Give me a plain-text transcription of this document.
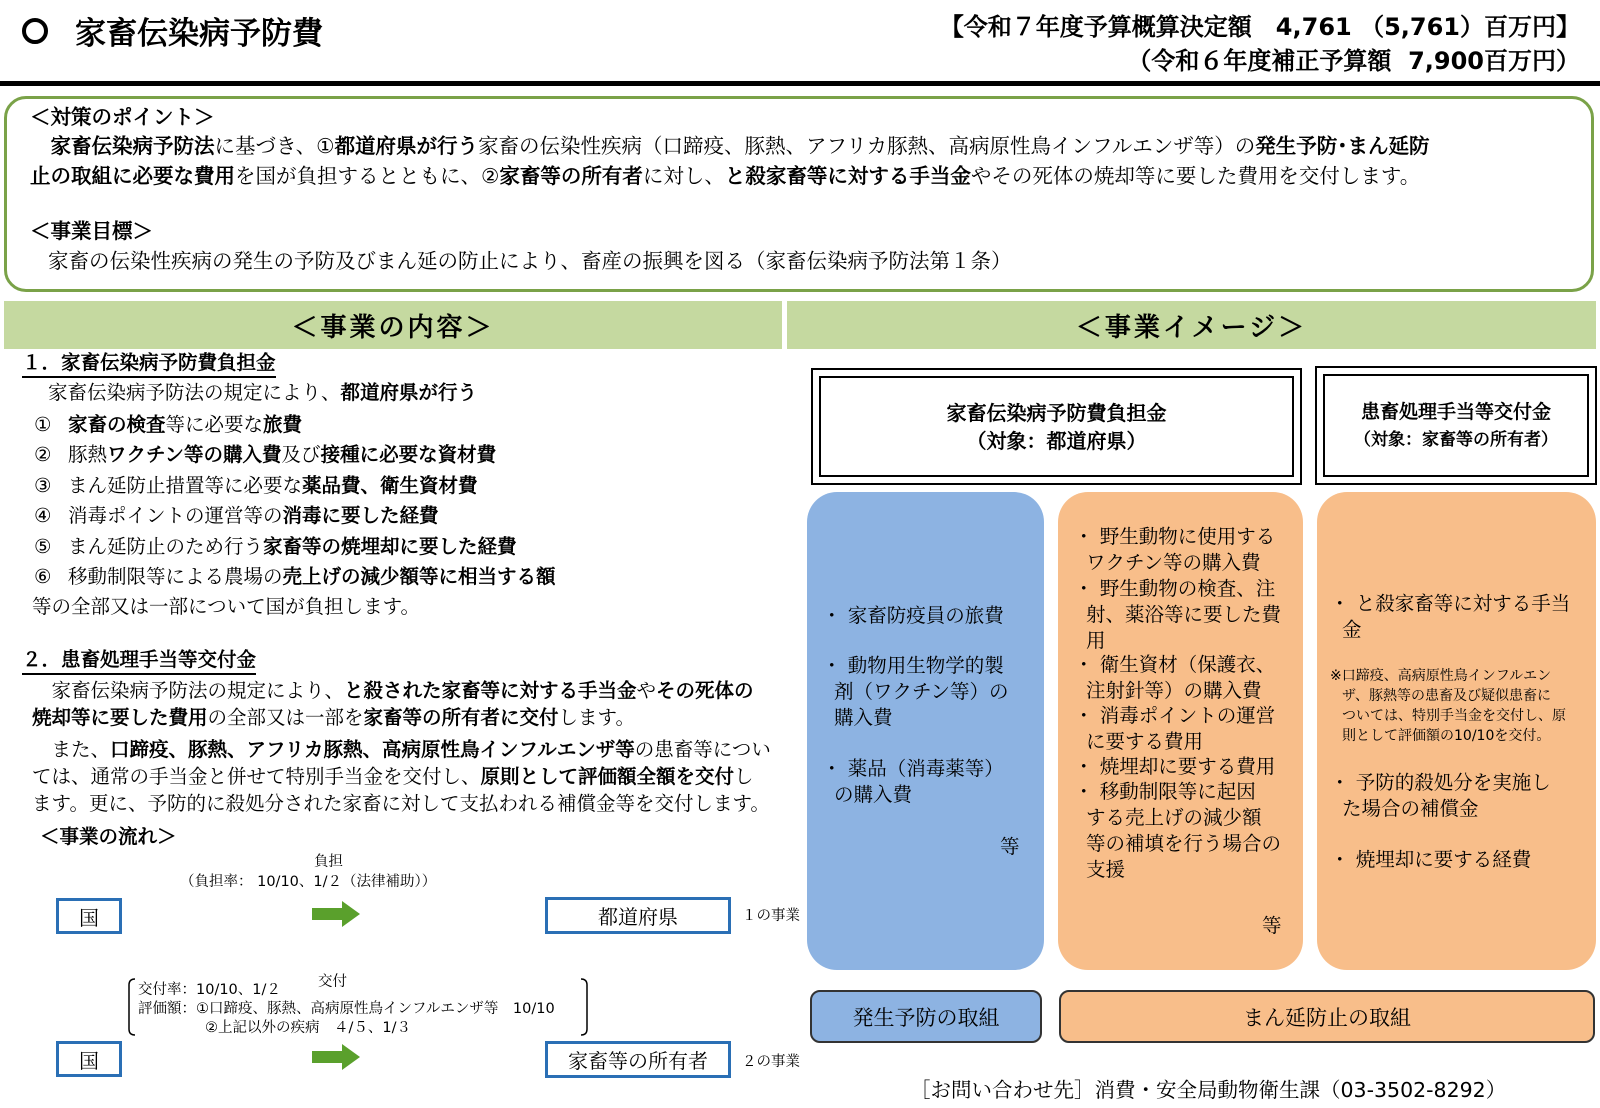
家畜伝染病予防費	【令和７年度予算概算決定額　4,761 （5,761）百万円】
（令和６年度補正予算額  7,900百万円）
＜対策のポイント＞
　家畜伝染病予防法に基づき、①都道府県が行う家畜の伝染性疾病（口蹄疫、豚熱、アフリカ豚熱、高病原性鳥インフルエンザ等）の発生予防･まん延防
止の取組に必要な費用を国が負担するとともに、②家畜等の所有者に対し、と殺家畜等に対する手当金やその死体の焼却等に要した費用を交付します。
＜事業目標＞
家畜の伝染性疾病の発生の予防及びまん延の防止により、畜産の振興を図る（家畜伝染病予防法第１条）
＜事業の内容＞	＜事業イメージ＞
１．家畜伝染病予防費負担金
家畜伝染病予防法の規定により、都道府県が行う
① 家畜の検査等に必要な旅費
② 豚熱ワクチン等の購入費及び接種に必要な資材費
③ まん延防止措置等に必要な薬品費、衛生資材費
④ 消毒ポイントの運営等の消毒に要した経費
⑤ まん延防止のため行う家畜等の焼埋却に要した経費
⑥ 移動制限等による農場の売上げの減少額等に相当する額
等の全部又は一部について国が負担します。
２．患畜処理手当等交付金
　家畜伝染病予防法の規定により、と殺された家畜等に対する手当金やその死体の
焼却等に要した費用の全部又は一部を家畜等の所有者に交付します。
　また、口蹄疫、豚熱、アフリカ豚熱、高病原性鳥インフルエンザ等の患畜等につい
ては、通常の手当金と併せて特別手当金を交付し、原則として評価額全額を交付し
ます。更に、予防的に殺処分された家畜に対して支払われる補償金等を交付します。
＜事業の流れ＞
負担
（負担率： 10/10、1/２（法律補助））
国	都道府県	１の事業
交付
交付率：10/10、1/２
評価額：①口蹄疫、豚熱、高病原性鳥インフルエンザ等　10/10
②上記以外の疾病　４/５、1/３
国	家畜等の所有者	２の事業
家畜伝染病予防費負担金
（対象：都道府県）
患畜処理手当等交付金
（対象：家畜等の所有者）
・ 家畜防疫員の旅費
・ 動物用生物学的製
剤（ワクチン等）の
購入費
・ 薬品（消毒薬等）
の購入費
等
・ 野生動物に使用する
ワクチン等の購入費
・ 野生動物の検査、注
射、薬浴等に要した費
用
・ 衛生資材（保護衣、
注射針等）の購入費
・ 消毒ポイントの運営
に要する費用
・ 焼埋却に要する費用
・ 移動制限等に起因
する売上げの減少額
等の補填を行う場合の
支援
等
・ と殺家畜等に対する手当
金
※口蹄疫、高病原性鳥インフルエン
ザ、豚熱等の患畜及び疑似患畜に
ついては、特別手当金を交付し、原
則として評価額の10/10を交付。
・ 予防的殺処分を実施し
た場合の補償金
・ 焼埋却に要する経費
発生予防の取組	まん延防止の取組
［お問い合わせ先］消費・安全局動物衛生課（03-3502-8292）
